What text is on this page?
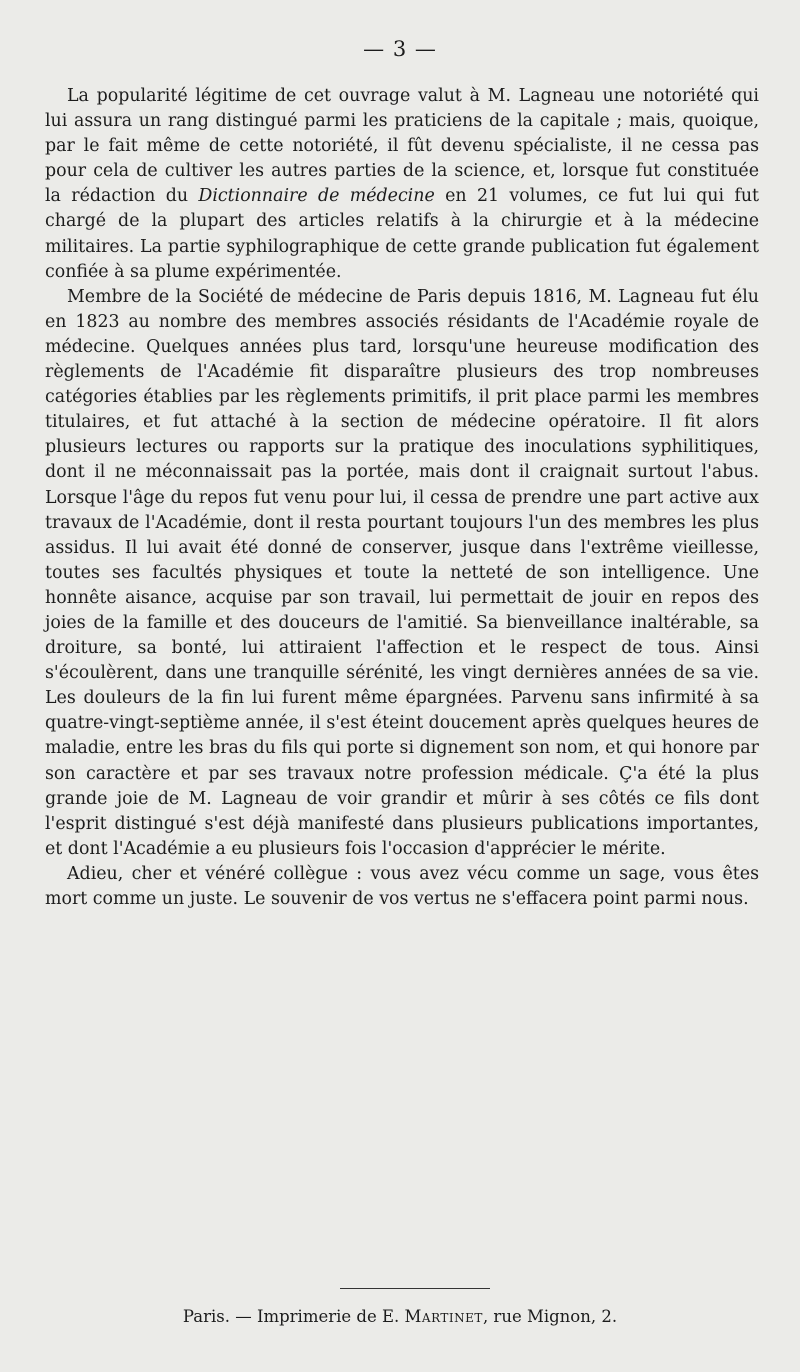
— 3 —

La popularité légitime de cet ouvrage valut à M. Lagneau une notoriété qui lui assura un rang distingué parmi les praticiens de la capitale ; mais, quoique, par le fait même de cette notoriété, il fût devenu spécialiste, il ne cessa pas pour cela de cultiver les autres parties de la science, et, lorsque fut constituée la rédaction du Dictionnaire de médecine en 21 volumes, ce fut lui qui fut chargé de la plupart des articles relatifs à la chirurgie et à la médecine militaires. La partie syphilographique de cette grande publication fut également confiée à sa plume expérimentée.

Membre de la Société de médecine de Paris depuis 1816, M. Lagneau fut élu en 1823 au nombre des membres associés résidants de l'Académie royale de médecine. Quelques années plus tard, lorsqu'une heureuse modification des règlements de l'Académie fit disparaître plusieurs des trop nombreuses catégories établies par les règlements primitifs, il prit place parmi les membres titulaires, et fut attaché à la section de médecine opératoire. Il fit alors plusieurs lectures ou rapports sur la pratique des inoculations syphilitiques, dont il ne méconnaissait pas la portée, mais dont il craignait surtout l'abus. Lorsque l'âge du repos fut venu pour lui, il cessa de prendre une part active aux travaux de l'Académie, dont il resta pourtant toujours l'un des membres les plus assidus. Il lui avait été donné de conserver, jusque dans l'extrême vieillesse, toutes ses facultés physiques et toute la netteté de son intelligence. Une honnête aisance, acquise par son travail, lui permettait de jouir en repos des joies de la famille et des douceurs de l'amitié. Sa bienveillance inaltérable, sa droiture, sa bonté, lui attiraient l'affection et le respect de tous. Ainsi s'écoulèrent, dans une tranquille sérénité, les vingt dernières années de sa vie. Les douleurs de la fin lui furent même épargnées. Parvenu sans infirmité à sa quatre-vingt-septième année, il s'est éteint doucement après quelques heures de maladie, entre les bras du fils qui porte si dignement son nom, et qui honore par son caractère et par ses travaux notre profession médicale. Ç'a été la plus grande joie de M. Lagneau de voir grandir et mûrir à ses côtés ce fils dont l'esprit distingué s'est déjà manifesté dans plusieurs publications importantes, et dont l'Académie a eu plusieurs fois l'occasion d'apprécier le mérite.

Adieu, cher et vénéré collègue : vous avez vécu comme un sage, vous êtes mort comme un juste. Le souvenir de vos vertus ne s'effacera point parmi nous.

Paris. — Imprimerie de E. Martinet, rue Mignon, 2.
